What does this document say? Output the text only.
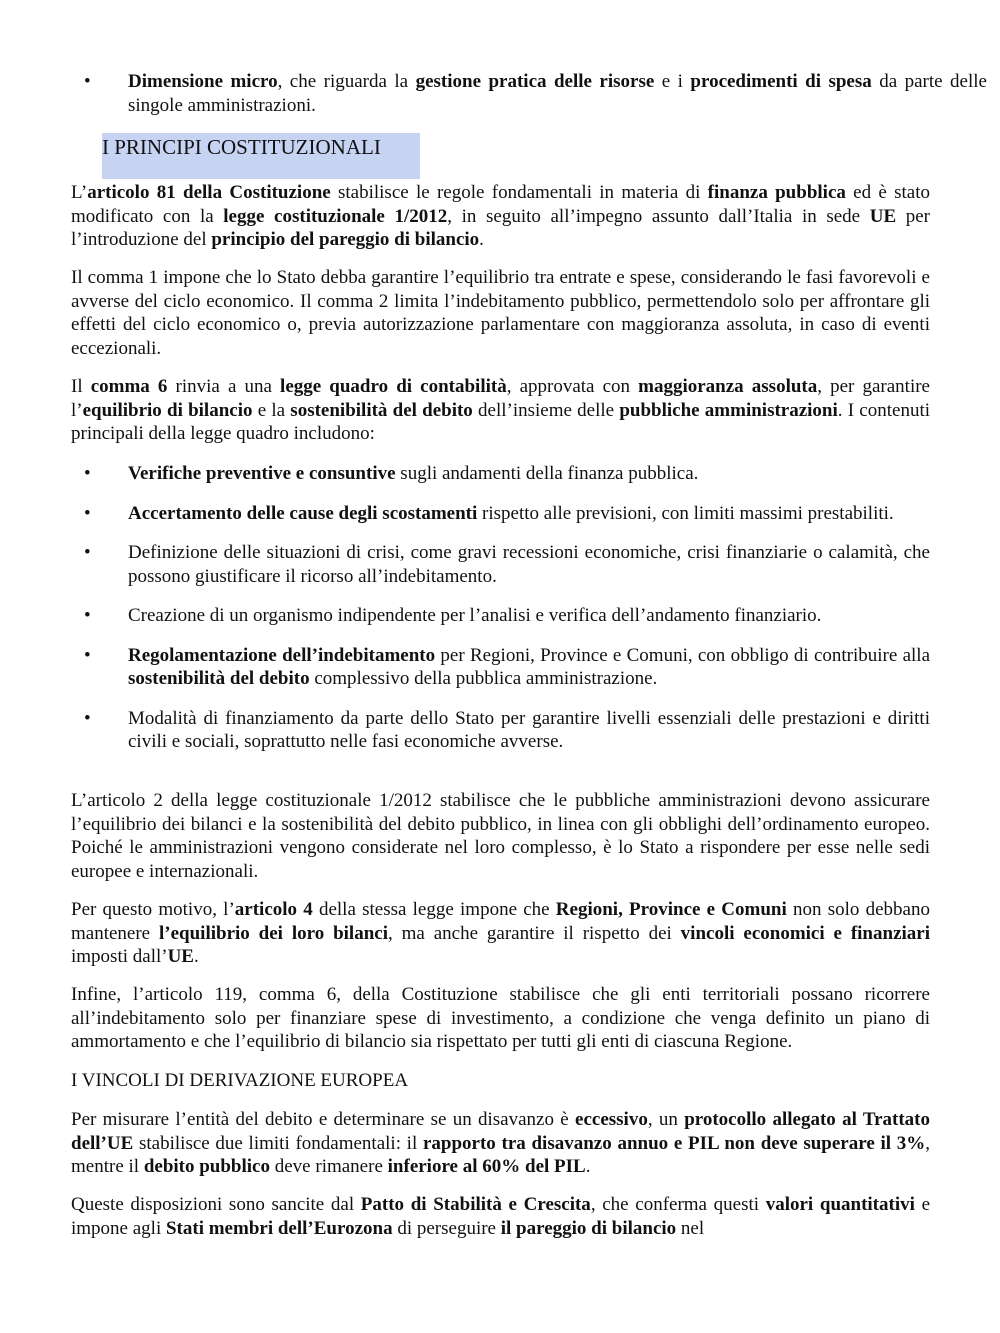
I PRINCIPI COSTITUZIONALI
• Dimensione micro, che riguarda la gestione pratica delle risorse e i procedimenti di spesa da parte delle singole amministrazioni.

L’articolo 81 della Costituzione stabilisce le regole fondamentali in materia di finanza pubblica ed è stato modificato con la legge costituzionale 1/2012, in seguito all’impegno assunto dall’Italia in sede UE per l’introduzione del principio del pareggio di bilancio.

Il comma 1 impone che lo Stato debba garantire l’equilibrio tra entrate e spese, considerando le fasi favorevoli e avverse del ciclo economico. Il comma 2 limita l’indebitamento pubblico, permettendolo solo per affrontare gli effetti del ciclo economico o, previa autorizzazione parlamentare con maggioranza assoluta, in caso di eventi eccezionali.

Il comma 6 rinvia a una legge quadro di contabilità, approvata con maggioranza assoluta, per garantire l’equilibrio di bilancio e la sostenibilità del debito dell’insieme delle pubbliche amministrazioni. I contenuti principali della legge quadro includono:

• Verifiche preventive e consuntive sugli andamenti della finanza pubblica.
• Accertamento delle cause degli scostamenti rispetto alle previsioni, con limiti massimi prestabiliti.
• Definizione delle situazioni di crisi, come gravi recessioni economiche, crisi finanziarie o calamità, che possono giustificare il ricorso all’indebitamento.
• Creazione di un organismo indipendente per l’analisi e verifica dell’andamento finanziario.
• Regolamentazione dell’indebitamento per Regioni, Province e Comuni, con obbligo di contribuire alla sostenibilità del debito complessivo della pubblica amministrazione.
• Modalità di finanziamento da parte dello Stato per garantire livelli essenziali delle prestazioni e diritti civili e sociali, soprattutto nelle fasi economiche avverse.

L’articolo 2 della legge costituzionale 1/2012 stabilisce che le pubbliche amministrazioni devono assicurare l’equilibrio dei bilanci e la sostenibilità del debito pubblico, in linea con gli obblighi dell’ordinamento europeo. Poiché le amministrazioni vengono considerate nel loro complesso, è lo Stato a rispondere per esse nelle sedi europee e internazionali.

Per questo motivo, l’articolo 4 della stessa legge impone che Regioni, Province e Comuni non solo debbano mantenere l’equilibrio dei loro bilanci, ma anche garantire il rispetto dei vincoli economici e finanziari imposti dall’UE.

Infine, l’articolo 119, comma 6, della Costituzione stabilisce che gli enti territoriali possano ricorrere all’indebitamento solo per finanziare spese di investimento, a condizione che venga definito un piano di ammortamento e che l’equilibrio di bilancio sia rispettato per tutti gli enti di ciascuna Regione.

I VINCOLI DI DERIVAZIONE EUROPEA

Per misurare l’entità del debito e determinare se un disavanzo è eccessivo, un protocollo allegato al Trattato dell’UE stabilisce due limiti fondamentali: il rapporto tra disavanzo annuo e PIL non deve superare il 3%, mentre il debito pubblico deve rimanere inferiore al 60% del PIL.

Queste disposizioni sono sancite dal Patto di Stabilità e Crescita, che conferma questi valori quantitativi e impone agli Stati membri dell’Eurozona di perseguire il pareggio di bilancio nel
